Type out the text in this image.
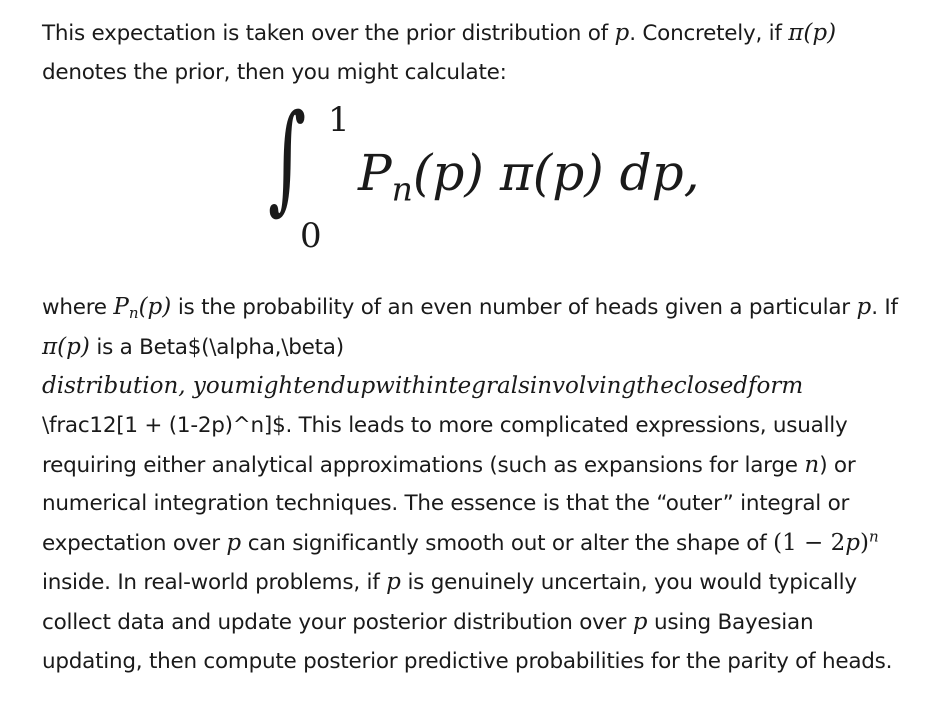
This expectation is taken over the prior distribution of p. Concretely, if π(p)
denotes the prior, then you might calculate:
∫ 1
0
$P_n(p)$ π(p) dp,
where $P_n(p)$ is the probability of an even number of heads given a particular p. If
π(p) is a Beta$(\alpha,\beta)
distribution, youmightendupwithintegralsinvolvingtheclosedform
\frac12[1 + (1-2p)^n]$. This leads to more complicated expressions, usually
requiring either analytical approximations (such as expansions for large n) or
numerical integration techniques. The essence is that the “outer” integral or
expectation over p can significantly smooth out or alter the shape of $(1 - 2p)^n$
inside. In real-world problems, if p is genuinely uncertain, you would typically
collect data and update your posterior distribution over p using Bayesian
updating, then compute posterior predictive probabilities for the parity of heads.
